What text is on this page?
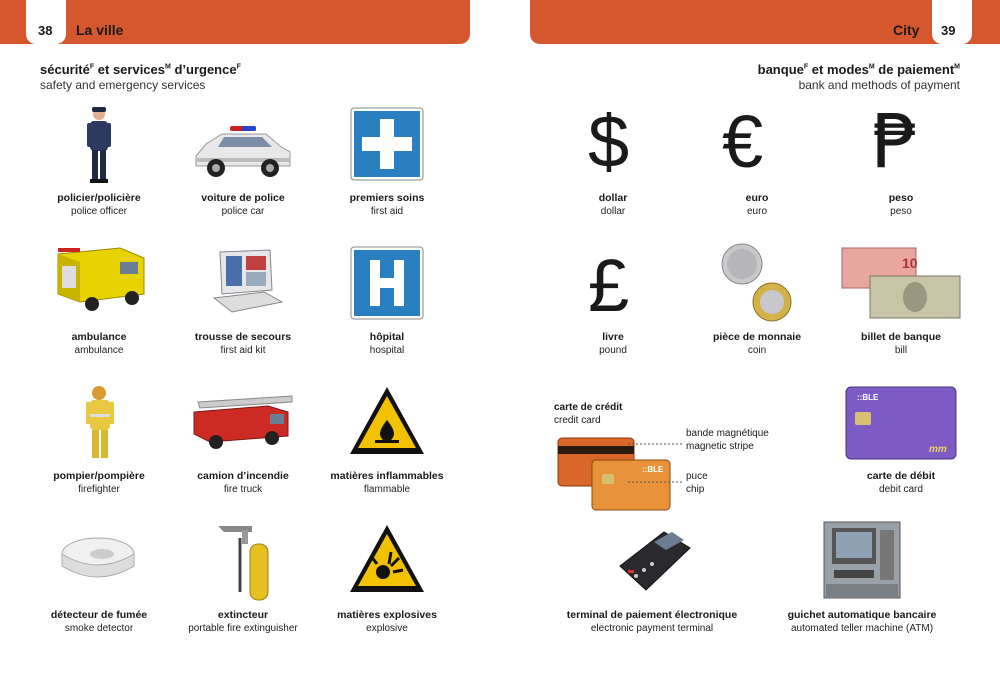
38	39
La ville	City
sécurité$^F$ et services$^M$ d’urgence$^F$
safety and emergency services
banque$^F$ et modes$^M$ de paiement$^M$
bank and methods of payment
policier/policière
police officer
voiture de police
police car
premiers soins
first aid
ambulance
ambulance
trousse de secours
first aid kit
hôpital
hospital
pompier/pompière
firefighter
camion d’incendie
fire truck
matières inflammables
flammable
détecteur de fumée
smoke detector
extincteur
portable fire extinguisher
matières explosives
explosive
$ € ₱
£	10
::BLE
::BLE
mm
dollar
dollar
euro
euro
peso
peso
livre
pound
pièce de monnaie
coin
billet de banque
bill
carte de crédit
credit card
bande magnétique
magnetic stripe
puce
chip
carte de débit
debit card
terminal de paiement électronique
electronic payment terminal
guichet automatique bancaire
automated teller machine (ATM)
